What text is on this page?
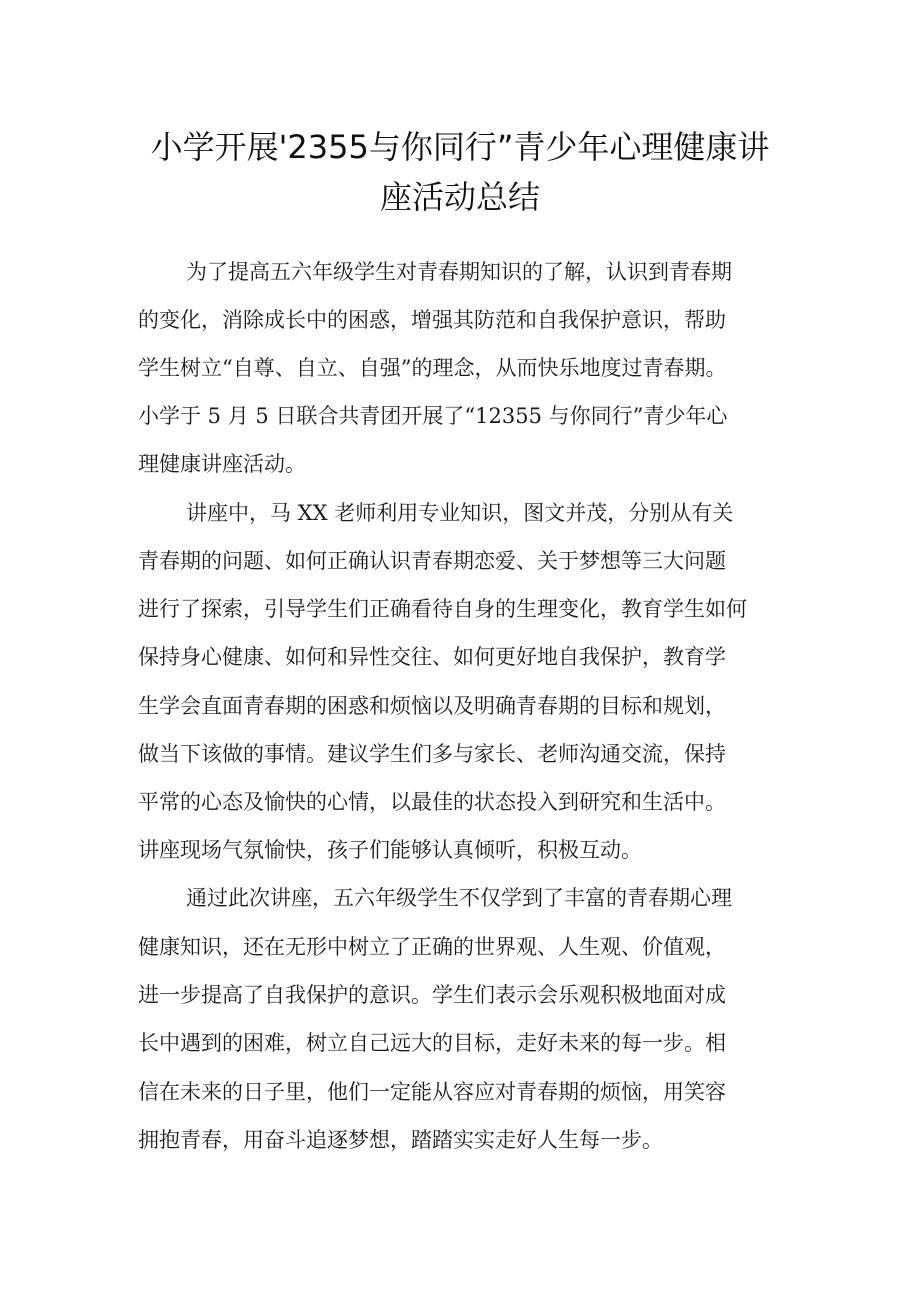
小学开展'2355与你同行”青少年心理健康讲
座活动总结
为了提高五六年级学生对青春期知识的了解，认识到青春期
的变化，消除成长中的困惑，增强其防范和自我保护意识，帮助
学生树立“自尊、自立、自强”的理念，从而快乐地度过青春期。
小学于 5 月 5 日联合共青团开展了“12355 与你同行”青少年心
理健康讲座活动。
讲座中，马 XX 老师利用专业知识，图文并茂，分别从有关
青春期的问题、如何正确认识青春期恋爱、关于梦想等三大问题
进行了探索，引导学生们正确看待自身的生理变化，教育学生如何
保持身心健康、如何和异性交往、如何更好地自我保护，教育学
生学会直面青春期的困惑和烦恼以及明确青春期的目标和规划，
做当下该做的事情。建议学生们多与家长、老师沟通交流，保持
平常的心态及愉快的心情，以最佳的状态投入到研究和生活中。
讲座现场气氛愉快，孩子们能够认真倾听，积极互动。
通过此次讲座，五六年级学生不仅学到了丰富的青春期心理
健康知识，还在无形中树立了正确的世界观、人生观、价值观，
进一步提高了自我保护的意识。学生们表示会乐观积极地面对成
长中遇到的困难，树立自己远大的目标，走好未来的每一步。相
信在未来的日子里，他们一定能从容应对青春期的烦恼，用笑容
拥抱青春，用奋斗追逐梦想，踏踏实实走好人生每一步。
